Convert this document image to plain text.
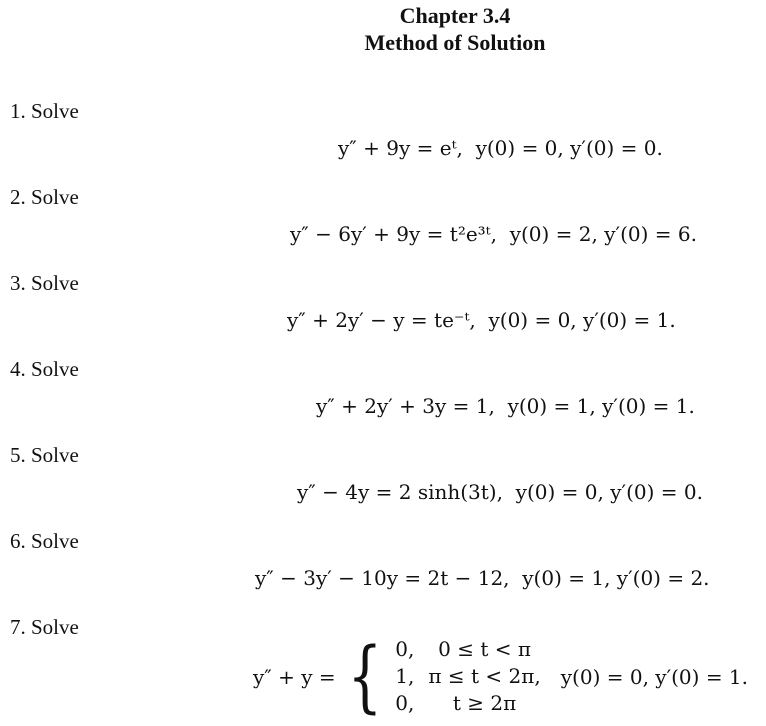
Chapter 3.4
Method of Solution
1. Solve
y″ + 9y = eᵗ,  y(0) = 0, y′(0) = 0.
2. Solve
y″ − 6y′ + 9y = t²e³ᵗ,  y(0) = 2, y′(0) = 6.
3. Solve
y″ + 2y′ − y = te⁻ᵗ,  y(0) = 0, y′(0) = 1.
4. Solve
y″ + 2y′ + 3y = 1,  y(0) = 1, y′(0) = 1.
5. Solve
y″ − 4y = 2 sinh(3t),  y(0) = 0, y′(0) = 0.
6. Solve
y″ − 3y′ − 10y = 2t − 12,  y(0) = 1, y′(0) = 2.
7. Solve
y″ + y = { 0,	0 ≤ t < π
1, π ≤ t < 2π,
0,	t ≥ 2π
y(0) = 0, y′(0) = 1.
